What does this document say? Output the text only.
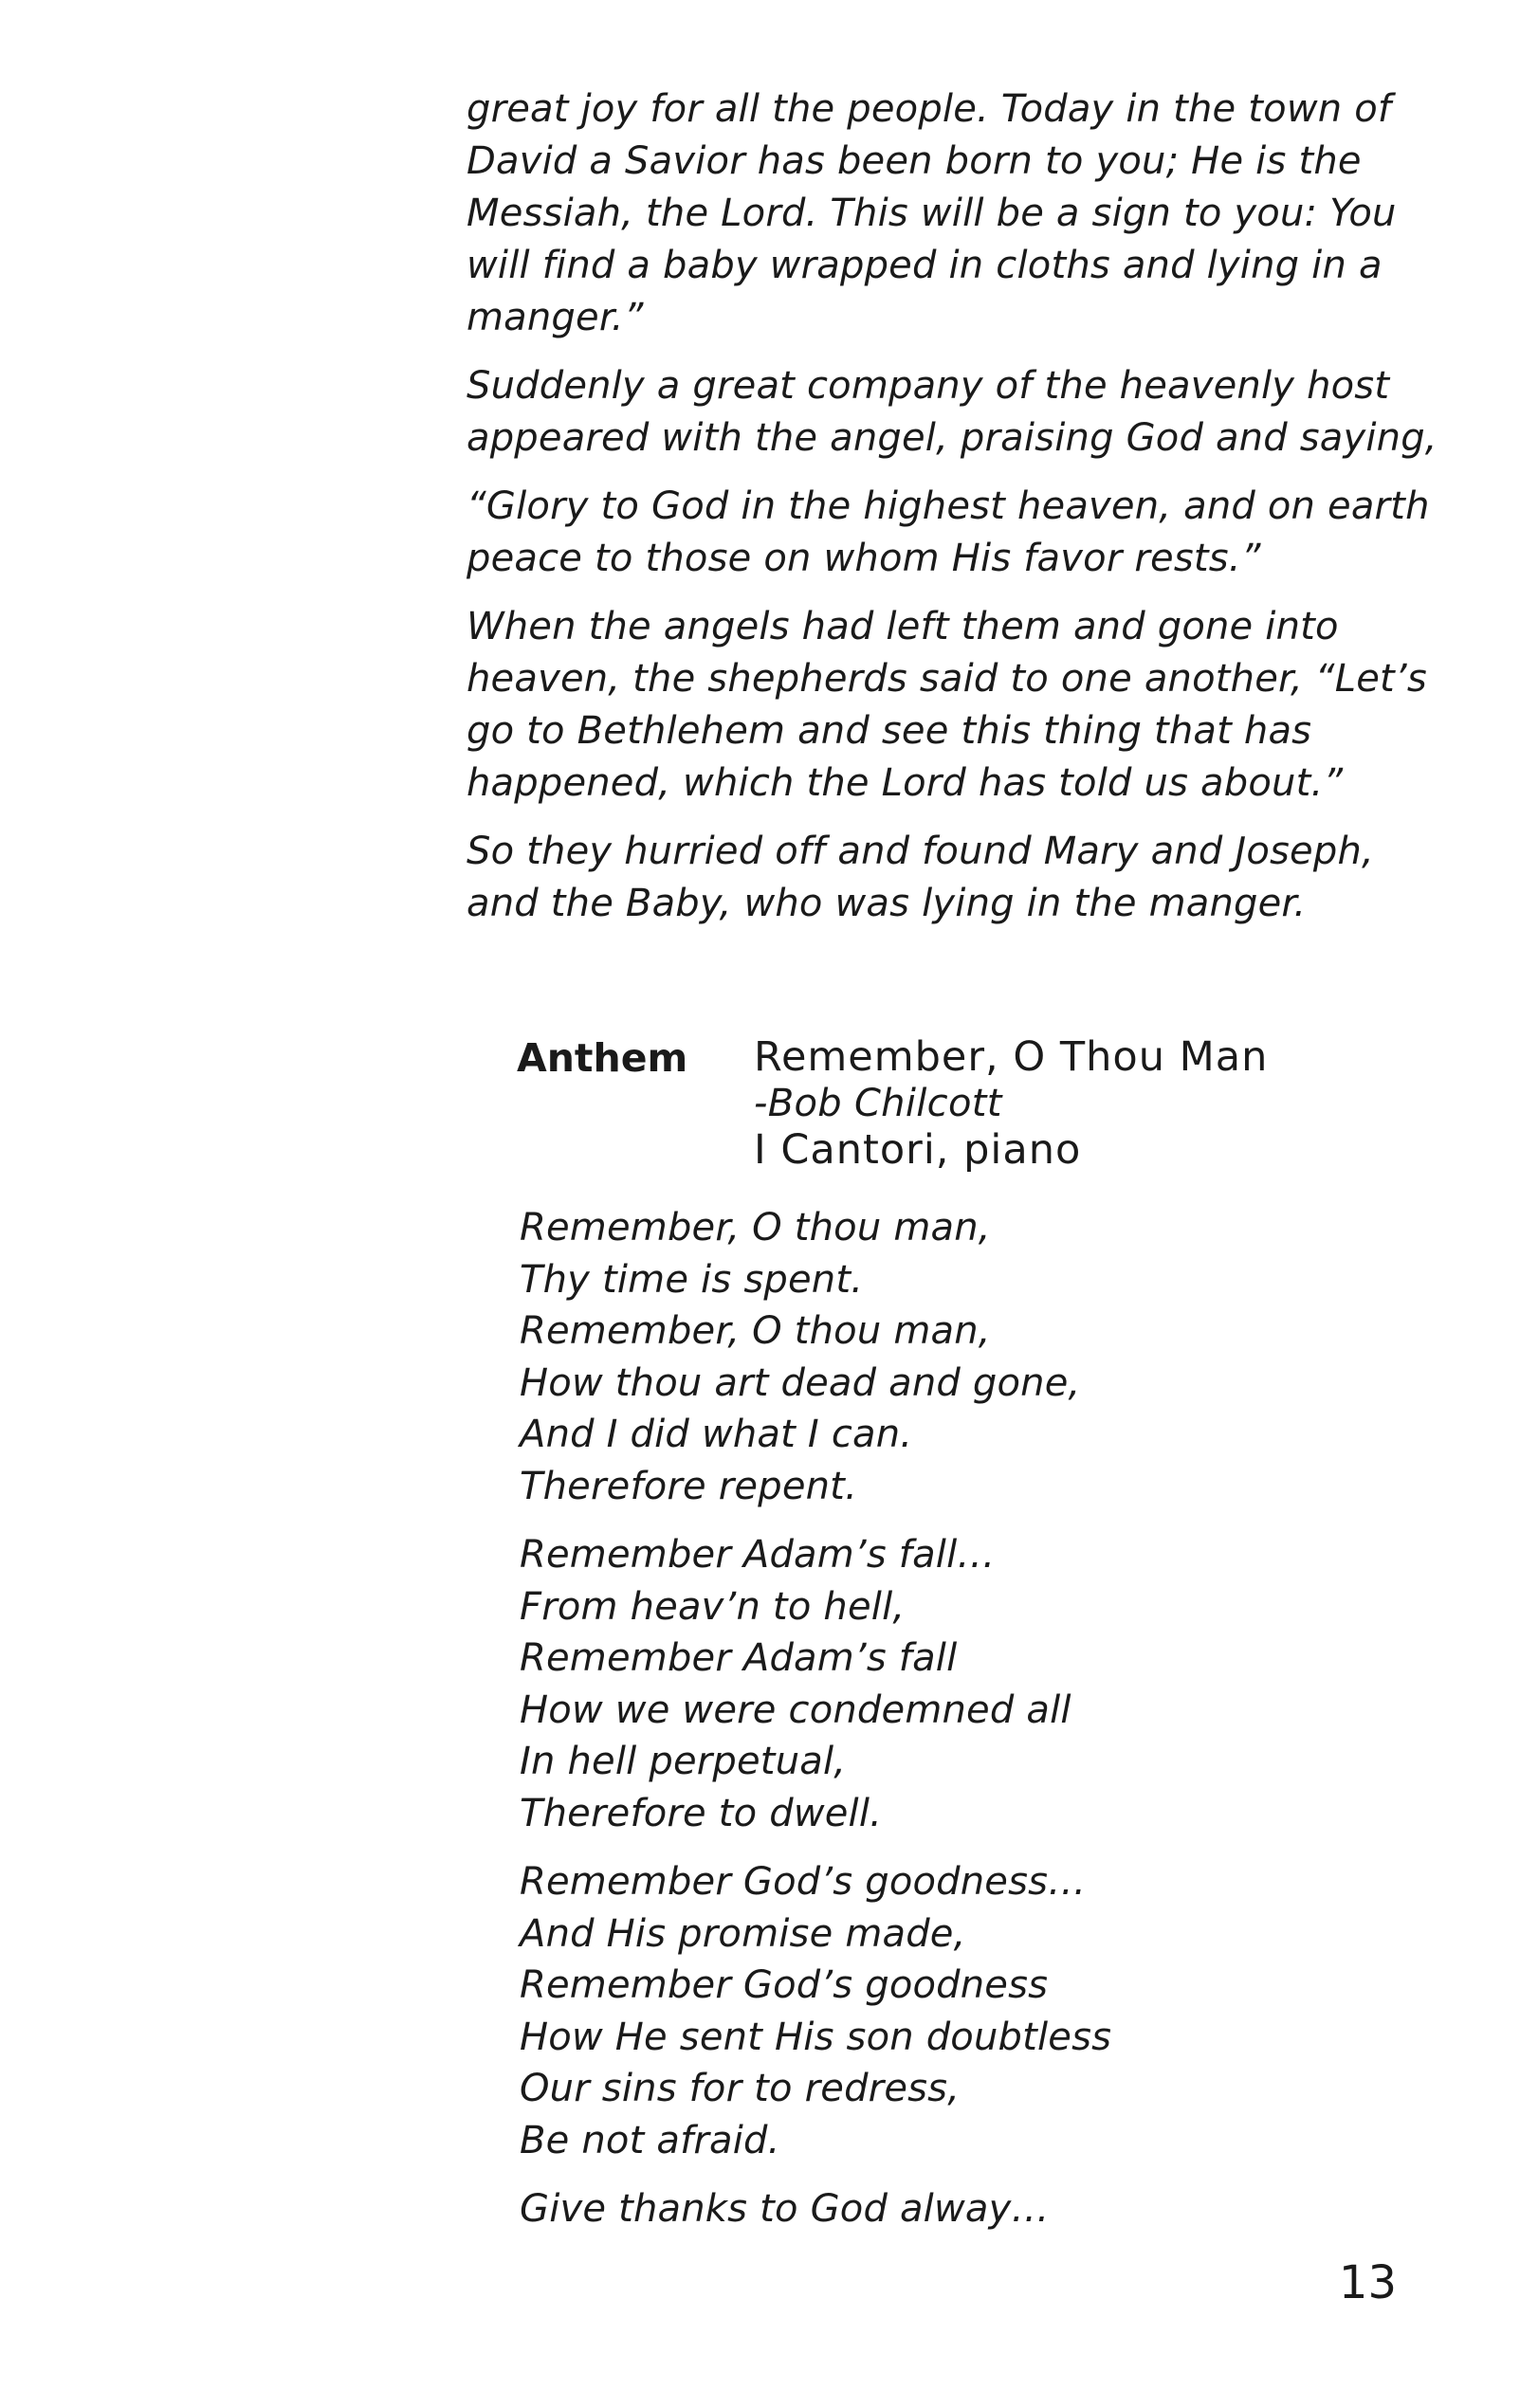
great joy for all the people. Today in the town of David a Savior has been born to you; He is the Messiah, the Lord. This will be a sign to you: You will find a baby wrapped in cloths and lying in a manger.”

Suddenly a great company of the heavenly host appeared with the angel, praising God and saying,

“Glory to God in the highest heaven, and on earth peace to those on whom His favor rests.”

When the angels had left them and gone into heaven, the shepherds said to one another, “Let’s go to Bethlehem and see this thing that has happened, which the Lord has told us about.”

So they hurried off and found Mary and Joseph, and the Baby, who was lying in the manger.

Anthem Remember, O Thou Man
-Bob Chilcott
I Cantori, piano
Remember, O thou man,
Thy time is spent.
Remember, O thou man,
How thou art dead and gone,
And I did what I can.
Therefore repent.
Remember Adam’s fall…
From heav’n to hell,
Remember Adam’s fall
How we were condemned all
In hell perpetual,
Therefore to dwell.
Remember God’s goodness…
And His promise made,
Remember God’s goodness
How He sent His son doubtless
Our sins for to redress,
Be not afraid.
Give thanks to God alway…
13
